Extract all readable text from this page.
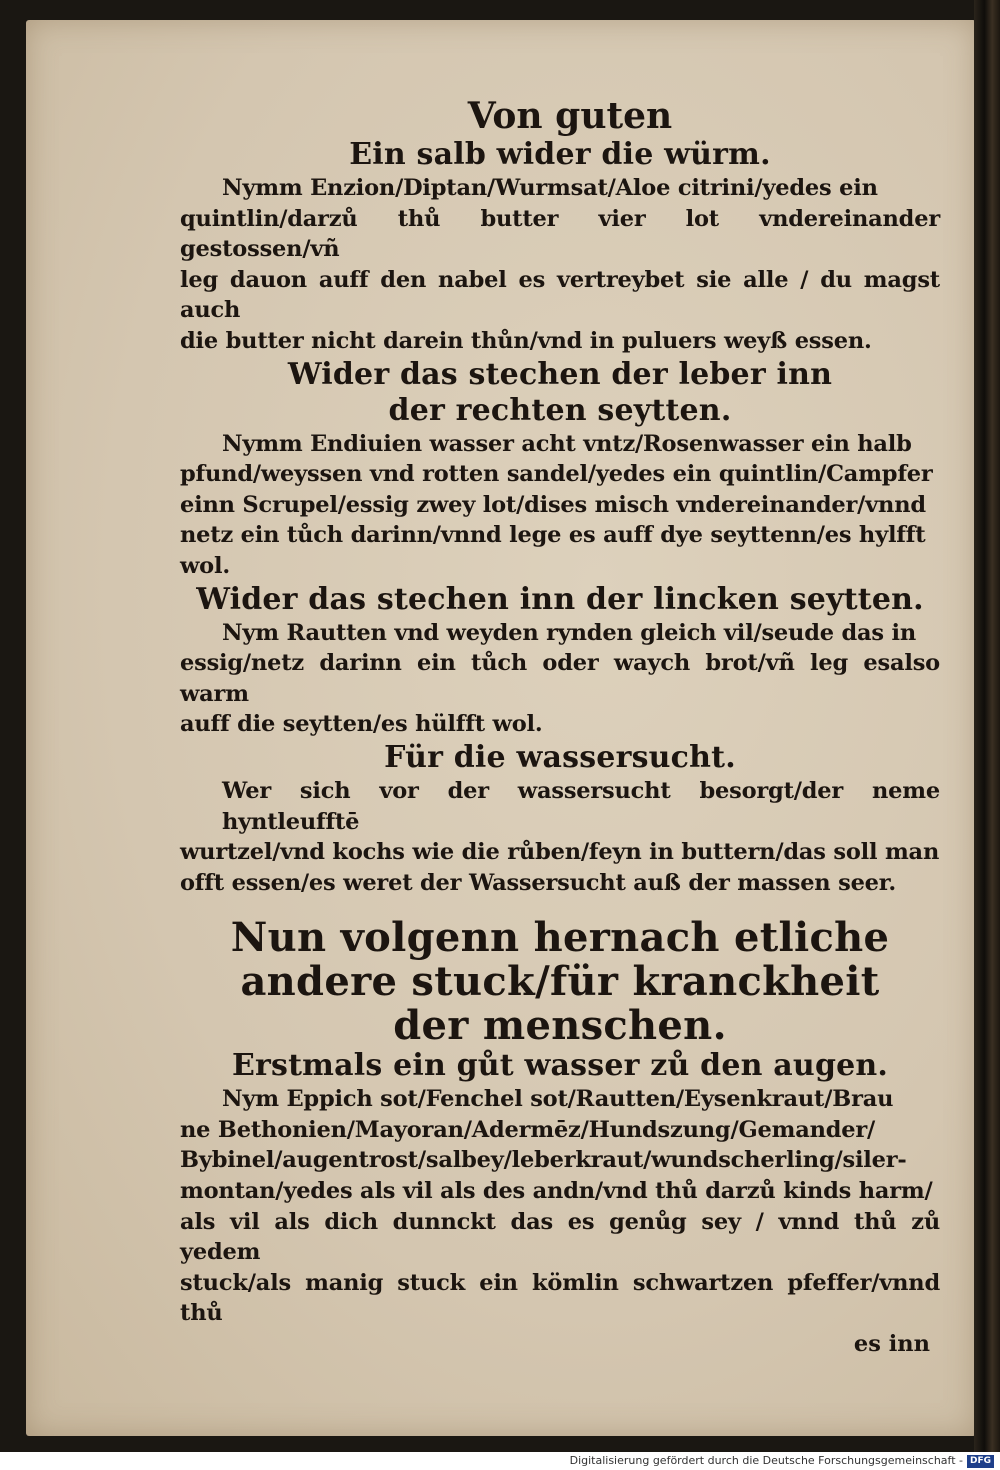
Von guten
Ein salb wider die würm.
Nymm Enzion/Diptan/Wurmsat/Aloe citrini/yedes ein
quintlin/darzů thů butter vier lot vndereinander gestossen/vñ
leg dauon auff den nabel es vertreybet sie alle / du magst auch
die butter nicht darein thůn/vnd in puluers weyß essen.
Wider das stechen der leber inn der rechten seytten.
Nymm Endiuien wasser acht vntz/Rosenwasser ein halb
pfund/weyssen vnd rotten sandel/yedes ein quintlin/Campfer
einn Scrupel/essig zwey lot/dises misch vndereinander/vnnd
netz ein tůch darinn/vnnd lege es auff dye seyttenn/es hylfft
wol.
Wider das stechen inn der lincken seytten.
Nym Rautten vnd weyden rynden gleich vil/seude das in
essig/netz darinn ein tůch oder waych brot/vñ leg esalso warm
auff die seytten/es hülfft wol.
Für die wassersucht.
Wer sich vor der wassersucht besorgt/der neme hyntleufftē
wurtzel/vnd kochs wie die růben/feyn in buttern/das soll man
offt essen/es weret der Wassersucht auß der massen seer.
Nun volgenn hernach etliche andere stuck/für kranckheit der menschen.
Erstmals ein gůt wasser zů den augen.
Nym Eppich sot/Fenchel sot/Rautten/Eysenkraut/Brau
ne Bethonien/Mayoran/Adermēz/Hundszung/Gemander/
Bybinel/augentrost/salbey/leberkraut/wundscherling/siler-
montan/yedes als vil als des andn/vnd thů darzů kinds harm/
als vil als dich dunnckt das es genůg sey / vnnd thů zů yedem
stuck/als manig stuck ein kömlin schwartzen pfeffer/vnnd thů
es inn
Digitalisierung gefördert durch die Deutsche Forschungsgemeinschaft - DFG
